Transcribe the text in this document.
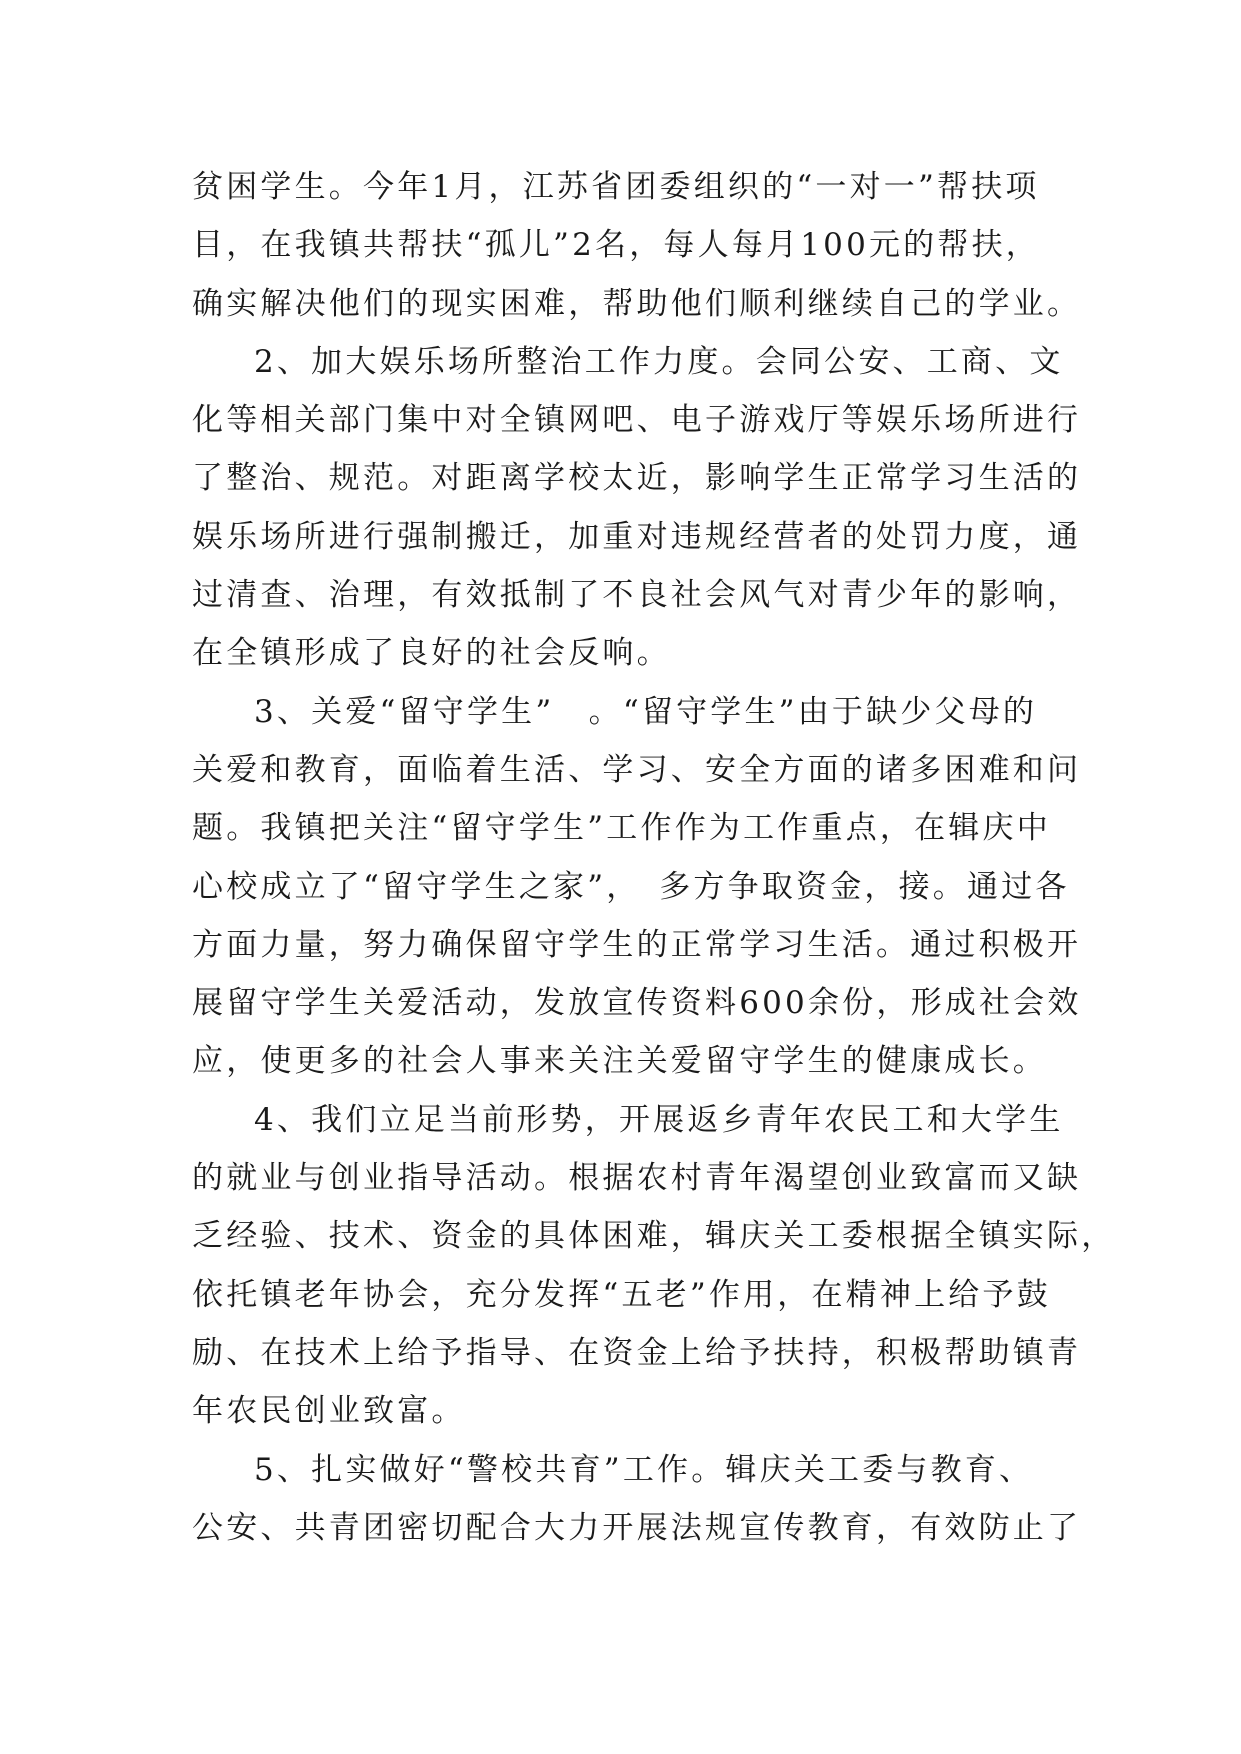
贫困学生。今年1月，江苏省团委组织的“一对一”帮扶项
目，在我镇共帮扶“孤儿”2名，每人每月100元的帮扶，
确实解决他们的现实困难，帮助他们顺利继续自己的学业。
2、加大娱乐场所整治工作力度。会同公安、工商、文
化等相关部门集中对全镇网吧、电子游戏厅等娱乐场所进行
了整治、规范。对距离学校太近，影响学生正常学习生活的
娱乐场所进行强制搬迁，加重对违规经营者的处罚力度，通
过清查、治理，有效抵制了不良社会风气对青少年的影响，
在全镇形成了良好的社会反响。
3、关爱“留守学生”　。“留守学生”由于缺少父母的
关爱和教育，面临着生活、学习、安全方面的诸多困难和问
题。我镇把关注“留守学生”工作作为工作重点，在辑庆中
心校成立了“留守学生之家”，　多方争取资金，接。通过各
方面力量，努力确保留守学生的正常学习生活。通过积极开
展留守学生关爱活动，发放宣传资料600余份，形成社会效
应，使更多的社会人事来关注关爱留守学生的健康成长。
4、我们立足当前形势，开展返乡青年农民工和大学生
的就业与创业指导活动。根据农村青年渴望创业致富而又缺
乏经验、技术、资金的具体困难，辑庆关工委根据全镇实际，
依托镇老年协会，充分发挥“五老”作用，在精神上给予鼓
励、在技术上给予指导、在资金上给予扶持，积极帮助镇青
年农民创业致富。
5、扎实做好“警校共育”工作。辑庆关工委与教育、
公安、共青团密切配合大力开展法规宣传教育，有效防止了
